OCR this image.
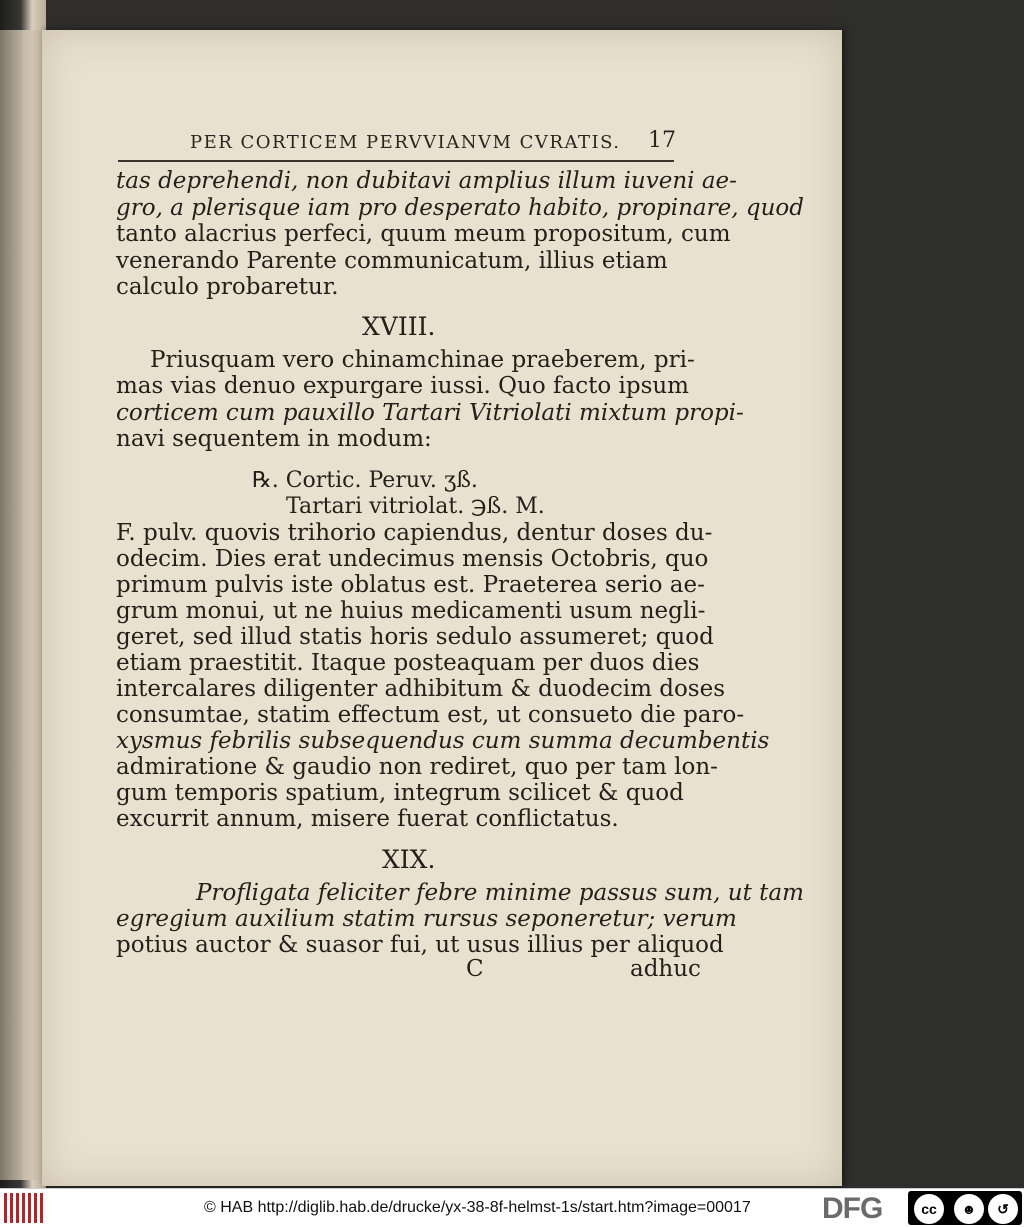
PER CORTICEM PERVVIANVM CVRATIS. 17
tas deprehendi, non dubitavi amplius illum iuveni ae-
gro, a plerisque iam pro desperato habito, propinare, quod
tanto alacrius perfeci, quum meum propositum, cum
venerando Parente communicatum, illius etiam
calculo probaretur.
XVIII.
Priusquam vero chinamchinae praeberem, pri-
mas vias denuo expurgare iussi. Quo facto ipsum
corticem cum pauxillo Tartari Vitriolati mixtum propi-
navi sequentem in modum:
℞. Cortic. Peruv. ʒß.
Tartari vitriolat. ℈ß. M.
F. pulv. quovis trihorio capiendus, dentur doses du-
odecim. Dies erat undecimus mensis Octobris, quo
primum pulvis iste oblatus est. Praeterea serio ae-
grum monui, ut ne huius medicamenti usum negli-
geret, sed illud statis horis sedulo assumeret; quod
etiam praestitit. Itaque posteaquam per duos dies
intercalares diligenter adhibitum & duodecim doses
consumtae, statim effectum est, ut consueto die paro-
xysmus febrilis subsequendus cum summa decumbentis
admiratione & gaudio non rediret, quo per tam lon-
gum temporis spatium, integrum scilicet & quod
excurrit annum, misere fuerat conflictatus.
XIX.
Profligata feliciter febre minime passus sum, ut tam
egregium auxilium statim rursus seponeretur; verum
potius auctor & suasor fui, ut usus illius per aliquod
C	adhuc
© HAB http://diglib.hab.de/drucke/yx-38-8f-helmst-1s/start.htm?image=00017 DFG	cc	☻	↺
BY	SA
